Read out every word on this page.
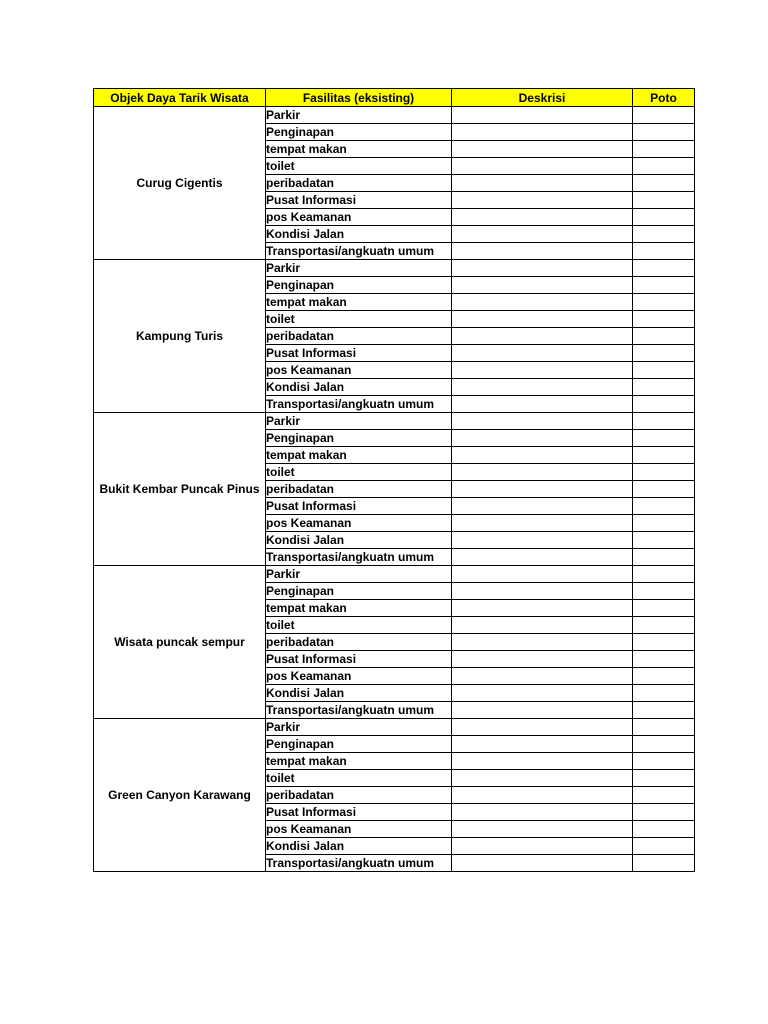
Objek Daya Tarik Wisata	Fasilitas (eksisting)	Deskrisi	Poto
Curug Cigentis	Parkir		
	Penginapan		
	tempat makan		
	toilet		
	peribadatan		
	Pusat Informasi		
	pos Keamanan		
	Kondisi Jalan		
	Transportasi/angkuatn umum		
Kampung Turis	Parkir		
	Penginapan		
	tempat makan		
	toilet		
	peribadatan		
	Pusat Informasi		
	pos Keamanan		
	Kondisi Jalan		
	Transportasi/angkuatn umum		
Bukit Kembar Puncak Pinus	Parkir		
	Penginapan		
	tempat makan		
	toilet		
	peribadatan		
	Pusat Informasi		
	pos Keamanan		
	Kondisi Jalan		
	Transportasi/angkuatn umum		
Wisata puncak sempur	Parkir		
	Penginapan		
	tempat makan		
	toilet		
	peribadatan		
	Pusat Informasi		
	pos Keamanan		
	Kondisi Jalan		
	Transportasi/angkuatn umum		
Green Canyon Karawang	Parkir		
	Penginapan		
	tempat makan		
	toilet		
	peribadatan		
	Pusat Informasi		
	pos Keamanan		
	Kondisi Jalan		
	Transportasi/angkuatn umum		
